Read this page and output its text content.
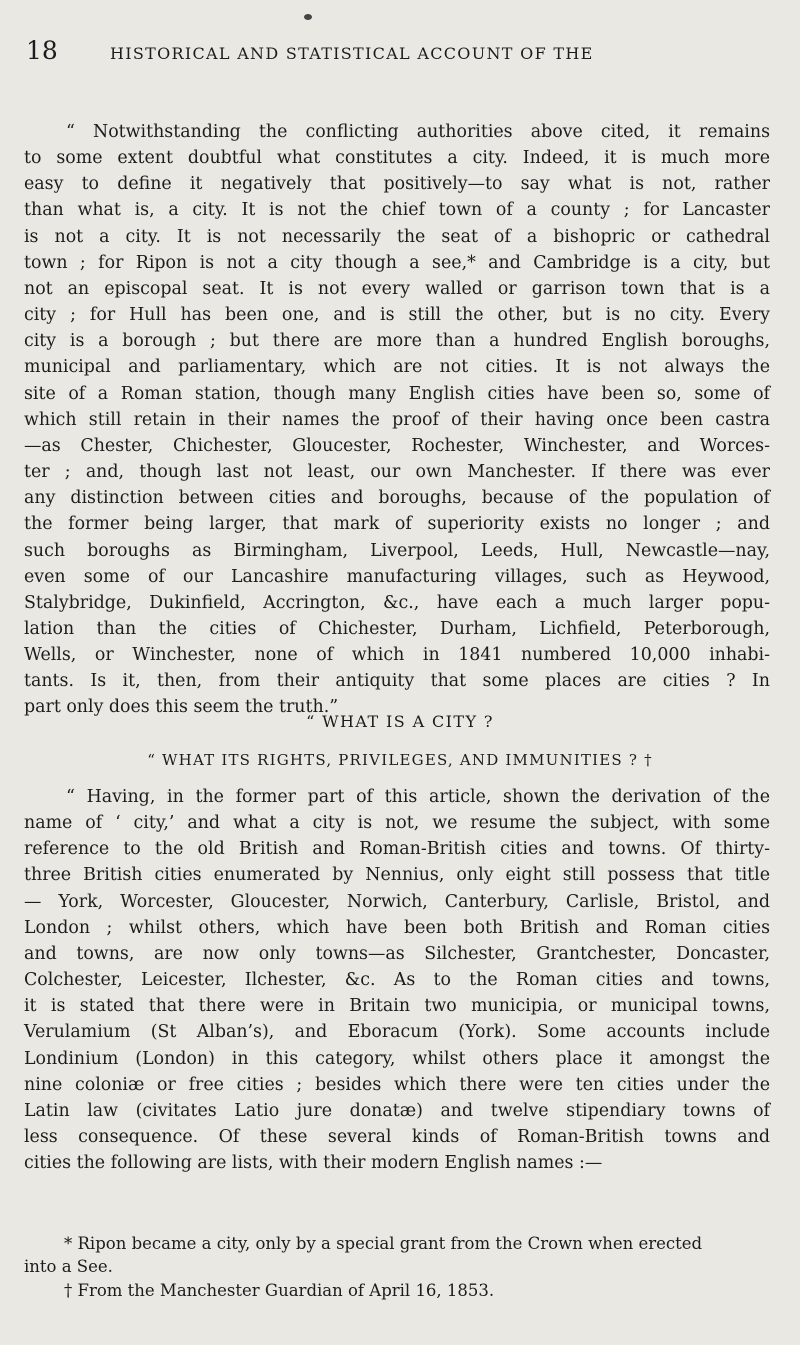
18	HISTORICAL AND STATISTICAL ACCOUNT OF THE
“ Notwithstanding the conflicting authorities above cited, it remains
to some extent doubtful what constitutes a city. Indeed, it is much more
easy to define it negatively that positively—to say what is not, rather
than what is, a city. It is not the chief town of a county ; for Lancaster
is not a city. It is not necessarily the seat of a bishopric or cathedral
town ; for Ripon is not a city though a see,* and Cambridge is a city, but
not an episcopal seat. It is not every walled or garrison town that is a
city ; for Hull has been one, and is still the other, but is no city. Every
city is a borough ; but there are more than a hundred English boroughs,
municipal and parliamentary, which are not cities. It is not always the
site of a Roman station, though many English cities have been so, some of
which still retain in their names the proof of their having once been castra
—as Chester, Chichester, Gloucester, Rochester, Winchester, and Worces-
ter ; and, though last not least, our own Manchester. If there was ever
any distinction between cities and boroughs, because of the population of
the former being larger, that mark of superiority exists no longer ; and
such boroughs as Birmingham, Liverpool, Leeds, Hull, Newcastle—nay,
even some of our Lancashire manufacturing villages, such as Heywood,
Stalybridge, Dukinfield, Accrington, &c., have each a much larger popu-
lation than the cities of Chichester, Durham, Lichfield, Peterborough,
Wells, or Winchester, none of which in 1841 numbered 10,000 inhabi-
tants. Is it, then, from their antiquity that some places are cities ? In
part only does this seem the truth.”
“ WHAT IS A CITY ?
“ WHAT ITS RIGHTS, PRIVILEGES, AND IMMUNITIES ? †
“ Having, in the former part of this article, shown the derivation of the
name of ‘ city,’ and what a city is not, we resume the subject, with some
reference to the old British and Roman-British cities and towns. Of thirty-
three British cities enumerated by Nennius, only eight still possess that title
— York, Worcester, Gloucester, Norwich, Canterbury, Carlisle, Bristol, and
London ; whilst others, which have been both British and Roman cities
and towns, are now only towns—as Silchester, Grantchester, Doncaster,
Colchester, Leicester, Ilchester, &c. As to the Roman cities and towns,
it is stated that there were in Britain two municipia, or municipal towns,
Verulamium (St Alban’s), and Eboracum (York). Some accounts include
Londinium (London) in this category, whilst others place it amongst the
nine coloniæ or free cities ; besides which there were ten cities under the
Latin law (civitates Latio jure donatæ) and twelve stipendiary towns of
less consequence. Of these several kinds of Roman-British towns and
cities the following are lists, with their modern English names :—
* Ripon became a city, only by a special grant from the Crown when erected
into a See.
† From the Manchester Guardian of April 16, 1853.
